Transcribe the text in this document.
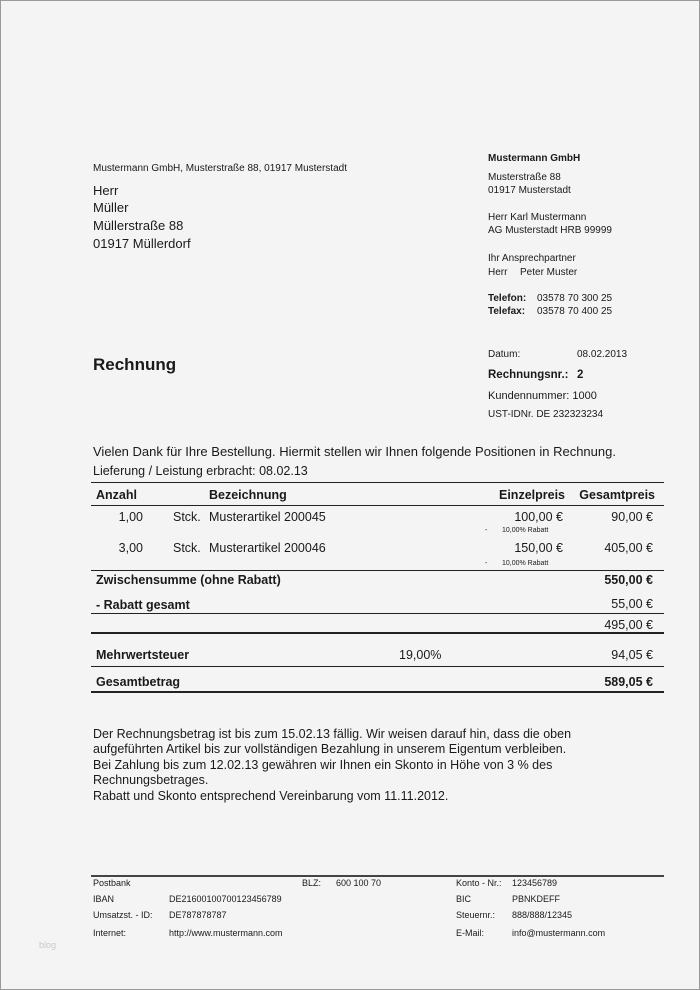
Mustermann GmbH, Musterstraße 88, 01917 Musterstadt
Herr
Müller
Müllerstraße 88
01917 Müllerdorf
Mustermann GmbH
Musterstraße 88
01917 Musterstadt
Herr Karl Mustermann
AG Musterstadt HRB 99999
Ihr Ansprechpartner
Herr Peter Muster
Telefon: 03578 70 300 25
Telefax: 03578 70 400 25
Rechnung
Datum:	08.02.2013
Rechnungsnr.: 2
Kundennummer: 1000
UST-IDNr. DE 232323234
Vielen Dank für Ihre Bestellung. Hiermit stellen wir Ihnen folgende Positionen in Rechnung.
Lieferung / Leistung erbracht: 08.02.13
Anzahl	Bezeichnung	Einzelpreis Gesamtpreis
1,00 Stck. Musterartikel 200045	100,00 €	90,00 €
- 10,00% Rabatt
3,00 Stck. Musterartikel 200046	150,00 €	405,00 €
- 10,00% Rabatt
Zwischensumme (ohne Rabatt)	550,00 €
- Rabatt gesamt	55,00 €
495,00 €
Mehrwertsteuer	19,00%	94,05 €
Gesamtbetrag	589,05 €
Der Rechnungsbetrag ist bis zum 15.02.13 fällig. Wir weisen darauf hin, dass die oben
aufgeführten Artikel bis zur vollständigen Bezahlung in unserem Eigentum verbleiben.
Bei Zahlung bis zum 12.02.13 gewähren wir Ihnen ein Skonto in Höhe von 3 % des
Rechnungsbetrages.
Rabatt und Skonto entsprechend Vereinbarung vom 11.11.2012.
Postbank	BLZ: 600 100 70	Konto - Nr.: 123456789
IBAN	DE21600100700123456789	BIC	PBNKDEFF
Umsatzst. - ID: DE787878787	Steuernr.: 888/888/12345
Internet:	http://www.mustermann.com	E-Mail:	info@mustermann.com
blog
